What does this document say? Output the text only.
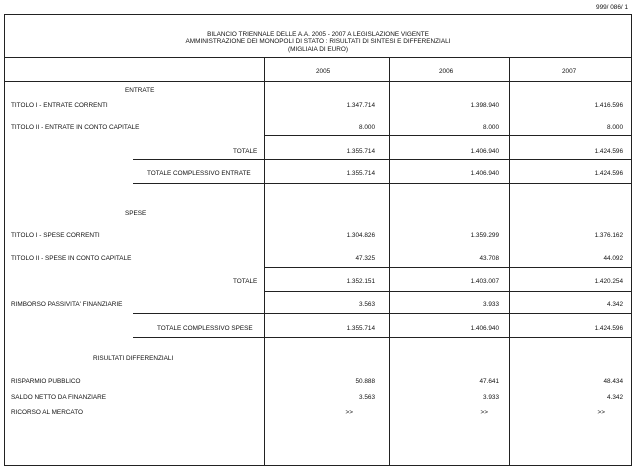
999/ 086/ 1
BILANCIO TRIENNALE DELLE A.A. 2005 - 2007 A LEGISLAZIONE VIGENTE
AMMINISTRAZIONE DEI MONOPOLI DI STATO : RISULTATI DI SINTESI E DIFFERENZIALI
(MIGLIAIA DI EURO)
2005	2006	2007
ENTRATE
TITOLO I - ENTRATE CORRENTI	1.347.714	1.398.940	1.416.596
TITOLO II - ENTRATE IN CONTO CAPITALE	8.000	8.000	8.000
TOTALE	1.355.714	1.406.940	1.424.596
TOTALE COMPLESSIVO ENTRATE	1.355.714	1.406.940	1.424.596
SPESE
TITOLO I - SPESE CORRENTI	1.304.826	1.359.299	1.376.162
TITOLO II - SPESE IN CONTO CAPITALE	47.325	43.708	44.092
TOTALE	1.352.151	1.403.007	1.420.254
RIMBORSO PASSIVITA' FINANZIARIE	3.563	3.933	4.342
TOTALE COMPLESSIVO SPESE	1.355.714	1.406.940	1.424.596
RISULTATI DIFFERENZIALI
RISPARMIO PUBBLICO	50.888	47.641	48.434
SALDO NETTO DA FINANZIARE	3.563	3.933	4.342
RICORSO AL MERCATO	>>	>>	>>
